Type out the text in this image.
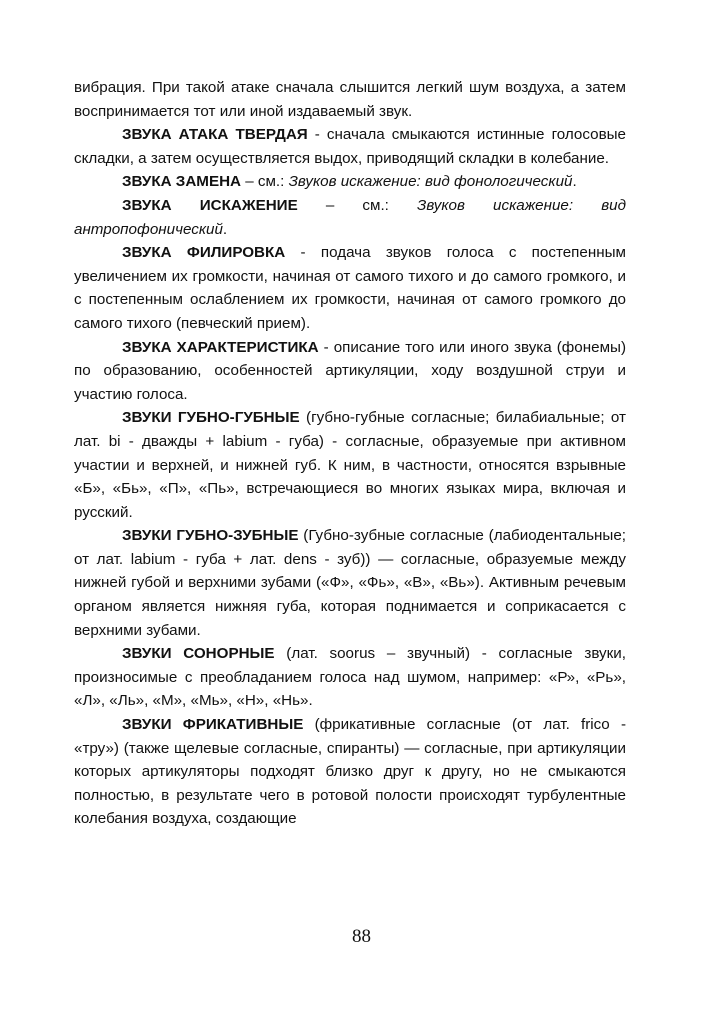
вибрация. При такой атаке сначала слышится легкий шум воздуха, а затем воспринимается тот или иной издаваемый звук.

ЗВУКА АТАКА ТВЕРДАЯ - сначала смыкаются истинные голосовые складки, а затем осуществляется выдох, приводящий складки в колебание.

ЗВУКА ЗАМЕНА – см.: Звуков искажение: вид фонологический.

ЗВУКА ИСКАЖЕНИЕ – см.: Звуков искажение: вид антропофонический.

ЗВУКА ФИЛИРОВКА - подача звуков голоса с постепенным увеличением их громкости, начиная от самого тихого и до самого громкого, и с постепенным ослаблением их громкости, начиная от самого громкого до самого тихого (певческий прием).

ЗВУКА ХАРАКТЕРИСТИКА - описание того или иного звука (фонемы) по образованию, особенностей артикуляции, ходу воздушной струи и участию голоса.

ЗВУКИ ГУБНО-ГУБНЫЕ (губно-губные согласные; билабиальные; от лат. bi - дважды + labium - губа) - согласные, образуемые при активном участии и верхней, и нижней губ. К ним, в частности, относятся взрывные «Б», «Бь», «П», «Пь», встречающиеся во многих языках мира, включая и русский.

ЗВУКИ ГУБНО-ЗУБНЫЕ (Губно-зубные согласные (лабиодентальные; от лат. labium - губа + лат. dens - зуб)) — согласные, образуемые между нижней губой и верхними зубами («Ф», «Фь», «В», «Вь»). Активным речевым органом является нижняя губа, которая поднимается и соприкасается с верхними зубами.

ЗВУКИ СОНОРНЫЕ (лат. soorus – звучный) - согласные звуки, произносимые с преобладанием голоса над шумом, например: «Р», «Рь», «Л», «Ль», «М», «Мь», «Н», «Нь».

ЗВУКИ ФРИКАТИВНЫЕ (фрикативные согласные (от лат. frico - «тру») (также щелевые согласные, спиранты) — согласные, при артикуляции которых артикуляторы подходят близко друг к другу, но не смыкаются полностью, в результате чего в ротовой полости происходят турбулентные колебания воздуха, создающие

88
